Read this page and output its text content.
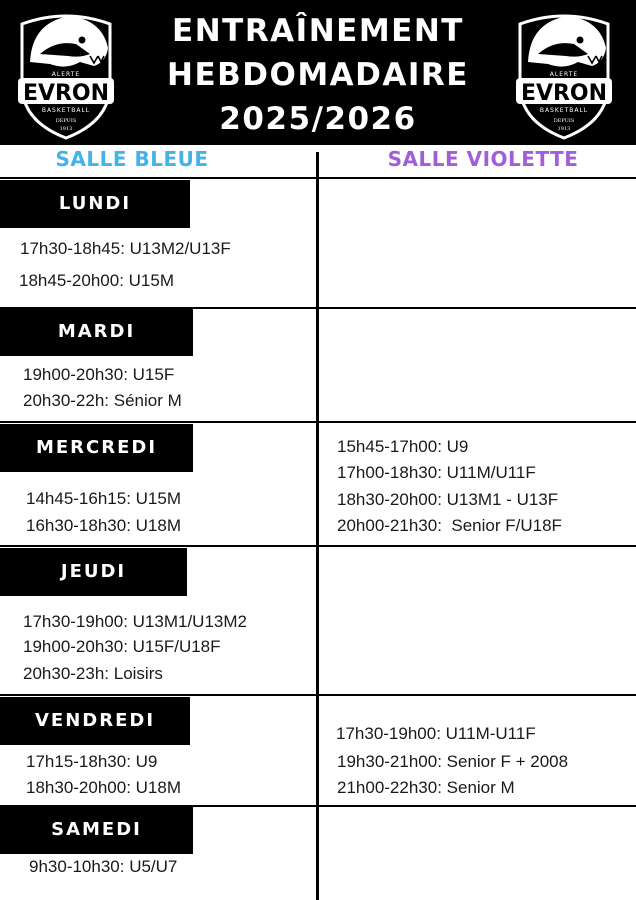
ENTRAÎNEMENT
HEBDOMADAIRE
2025/2026
ALERTE
EVRON
BASKETBALL
DEPUIS
1913
ALERTE
EVRON
BASKETBALL
DEPUIS
1913
SALLE BLEUE	SALLE VIOLETTE
LUNDI
17h30-18h45: U13M2/U13F
18h45-20h00: U15M
MARDI
19h00-20h30: U15F
20h30-22h: Sénior M
MERCREDI
14h45-16h15: U15M
16h30-18h30: U18M
15h45-17h00: U9
17h00-18h30: U11M/U11F
18h30-20h00: U13M1 - U13F
20h00-21h30:  Senior F/U18F
JEUDI
17h30-19h00: U13M1/U13M2
19h00-20h30: U15F/U18F
20h30-23h: Loisirs
VENDREDI
17h15-18h30: U9
18h30-20h00: U18M
17h30-19h00: U11M-U11F
19h30-21h00: Senior F + 2008
21h00-22h30: Senior M
SAMEDI
9h30-10h30: U5/U7
